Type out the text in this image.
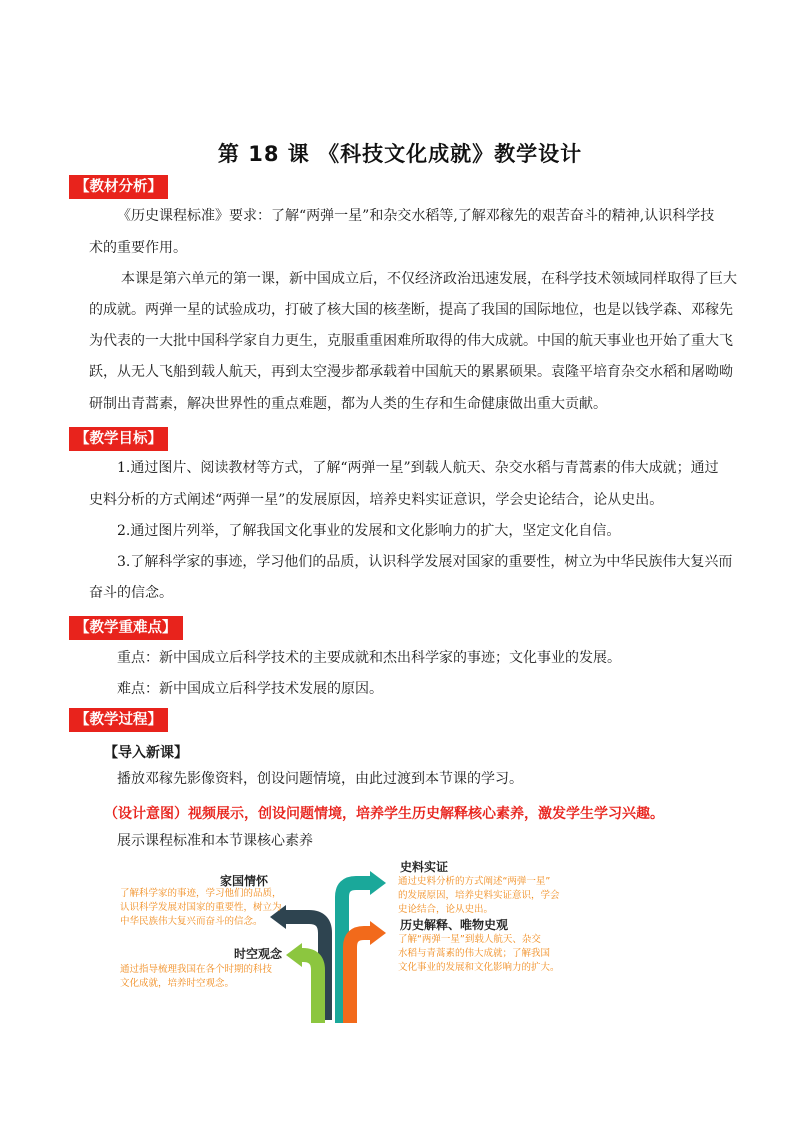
第 18 课 《科技文化成就》教学设计
【教材分析】
《历史课程标准》要求：了解“两弹一星”和杂交水稻等,了解邓稼先的艰苦奋斗的精神,认识科学技
术的重要作用。
本课是第六单元的第一课，新中国成立后，不仅经济政治迅速发展，在科学技术领域同样取得了巨大
的成就。两弹一星的试验成功，打破了核大国的核垄断，提高了我国的国际地位，也是以钱学森、邓稼先
为代表的一大批中国科学家自力更生，克服重重困难所取得的伟大成就。中国的航天事业也开始了重大飞
跃，从无人飞船到载人航天，再到太空漫步都承载着中国航天的累累硕果。袁隆平培育杂交水稻和屠呦呦
研制出青蒿素，解决世界性的重点难题，都为人类的生存和生命健康做出重大贡献。
【教学目标】
1.通过图片、阅读教材等方式，了解“两弹一星”到载人航天、杂交水稻与青蒿素的伟大成就；通过
史料分析的方式阐述“两弹一星”的发展原因，培养史料实证意识，学会史论结合，论从史出。
2.通过图片列举，了解我国文化事业的发展和文化影响力的扩大，坚定文化自信。
3.了解科学家的事迹，学习他们的品质，认识科学发展对国家的重要性，树立为中华民族伟大复兴而
奋斗的信念。
【教学重难点】
重点：新中国成立后科学技术的主要成就和杰出科学家的事迹；文化事业的发展。
难点：新中国成立后科学技术发展的原因。
【教学过程】
【导入新课】
播放邓稼先影像资料，创设问题情境，由此过渡到本节课的学习。
（设计意图）视频展示，创设问题情境，培养学生历史解释核心素养，激发学生学习兴趣。
展示课程标准和本节课核心素养
家国情怀
了解科学家的事迹，学习他们的品质，
认识科学发展对国家的重要性，树立为
中华民族伟大复兴而奋斗的信念。
时空观念
通过指导梳理我国在各个时期的科技
文化成就，培养时空观念。
史料实证
通过史料分析的方式阐述“两弹一星”
的发展原因，培养史料实证意识，学会
史论结合，论从史出。
历史解释、唯物史观
了解“两弹一星”到载人航天、杂交
水稻与青蒿素的伟大成就；了解我国
文化事业的发展和文化影响力的扩大。
